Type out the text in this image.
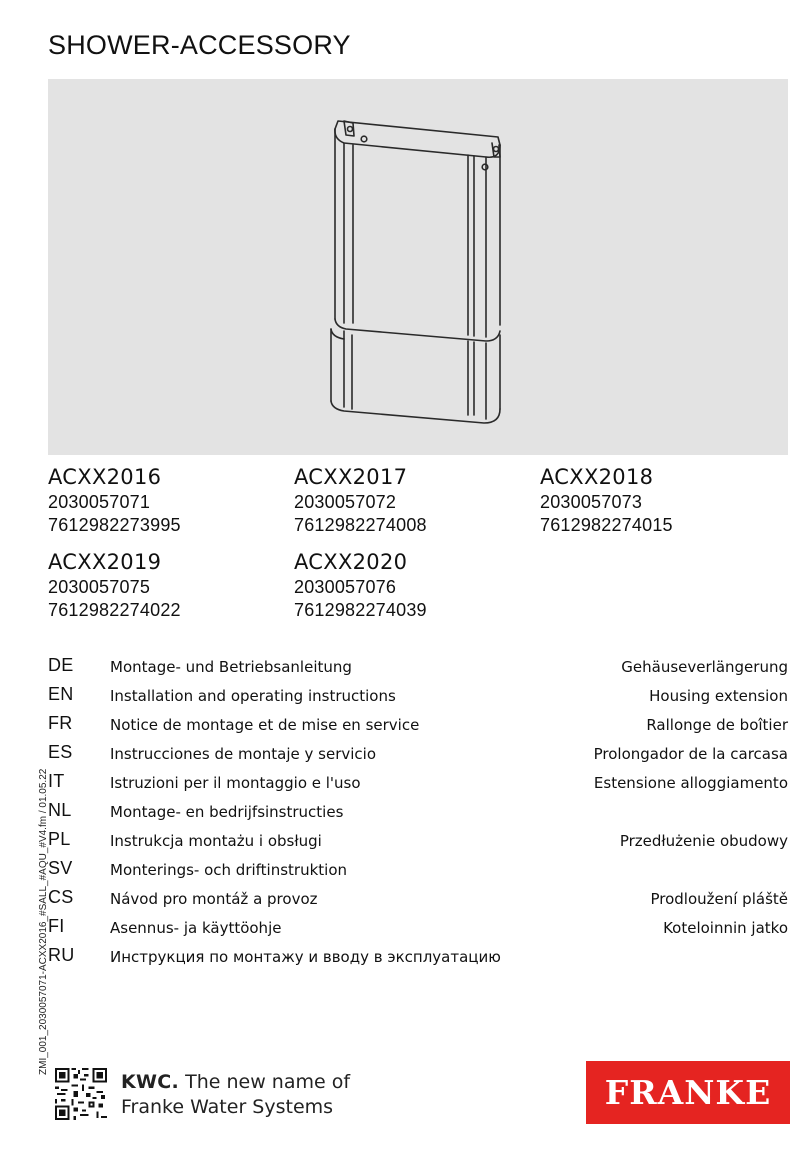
SHOWER-ACCESSORY
ACXX2016
2030057071
7612982273995
ACXX2017
2030057072
7612982274008
ACXX2018
2030057073
7612982274015
ACXX2019
2030057075
7612982274022
ACXX2020
2030057076
7612982274039
DE Montage- und Betriebsanleitung	Gehäuseverlängerung
EN Installation and operating instructions	Housing extension
FR Notice de montage et de mise en service	Rallonge de boîtier
ES Instrucciones de montaje y servicio	Prolongador de la carcasa
IT	Istruzioni per il montaggio e l'uso	Estensione alloggiamento
NL	Montage- en bedrijfsinstructies
PL	Instrukcja montażu i obsługi	Przedłużenie obudowy
SV Monterings- och driftinstruktion
CS Návod pro montáž a provoz	Prodloužení pláště
FI	Asennus- ja käyttöohje	Koteloinnin jatko
RU Инструкция по монтажу и вводу в эксплуатацию
ZMI_001_2030057071-ACXX2016_#SALL_#AQU_#V4.fm / 01.05.22
KWC. The new name of
Franke Water Systems	FRANKE
